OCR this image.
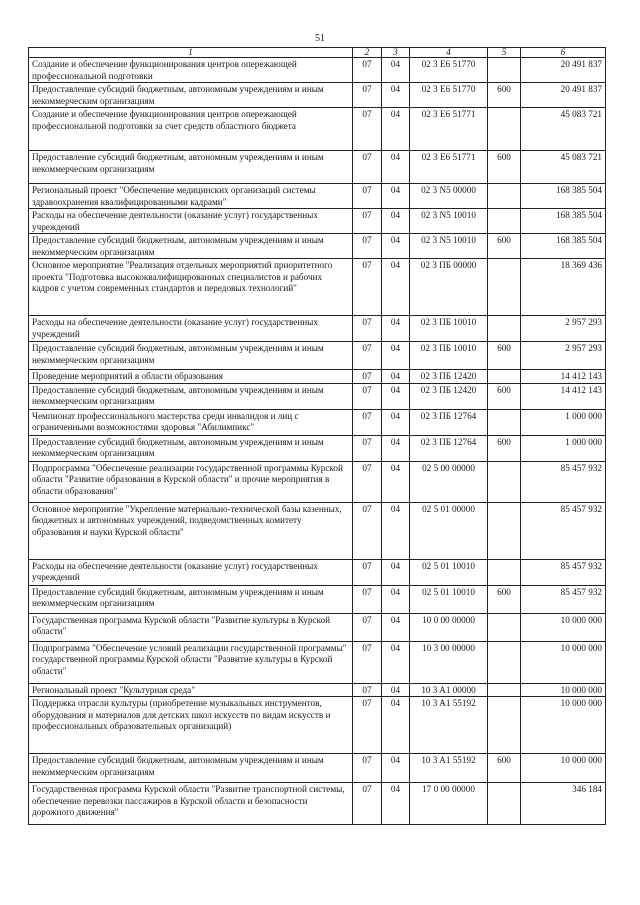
51
1	2	3	4	5	6
Создание и обеспечение функционирования центров опережающей профессиональной подготовки	07	04	02 3 E6 51770		20 491 837
Предоставление субсидий бюджетным, автономным учреждениям и иным некоммерческим организациям	07	04	02 3 E6 51770	600	20 491 837
Создание и обеспечение функционирования центров опережающей профессиональной подготовки за счет средств областного бюджета	07	04	02 3 E6 51771		45 083 721
Предоставление субсидий бюджетным, автономным учреждениям и иным некоммерческим организациям	07	04	02 3 E6 51771	600	45 083 721
Региональный проект "Обеспечение медицинских организаций системы здравоохранения квалифицированными кадрами"	07	04	02 3 N5 00000		168 385 504
Расходы на обеспечение деятельности (оказание услуг) государственных учреждений	07	04	02 3 N5 10010		168 385 504
Предоставление субсидий бюджетным, автономным учреждениям и иным некоммерческим организациям	07	04	02 3 N5 10010	600	168 385 504
Основное мероприятие "Реализация отдельных мероприятий приоритетного проекта "Подготовка высококвалифицированных специалистов и рабочих кадров с учетом современных стандартов и передовых технологий"	07	04	02 3 ПБ 00000		18 369 436
Расходы на обеспечение деятельности (оказание услуг) государственных учреждений	07	04	02 3 ПБ 10010		2 957 293
Предоставление субсидий бюджетным, автономным учреждениям и иным некоммерческим организациям	07	04	02 3 ПБ 10010	600	2 957 293
Проведение мероприятий в области образования	07	04	02 3 ПБ 12420		14 412 143
Предоставление субсидий бюджетным, автономным учреждениям и иным некоммерческим организациям	07	04	02 3 ПБ 12420	600	14 412 143
Чемпионат профессионального мастерства среди инвалидов и лиц с ограниченными возможностями здоровья "Абилимпикс"	07	04	02 3 ПБ 12764		1 000 000
Предоставление субсидий бюджетным, автономным учреждениям и иным некоммерческим организациям	07	04	02 3 ПБ 12764	600	1 000 000
Подпрограмма "Обеспечение реализации государственной программы Курской области "Развитие образования в Курской области" и прочие мероприятия в области образования"	07	04	02 5 00 00000		85 457 932
Основное мероприятие "Укрепление материально-технической базы казенных, бюджетных и автономных учреждений, подведомственных комитету образования и науки Курской области"	07	04	02 5 01 00000		85 457 932
Расходы на обеспечение деятельности (оказание услуг) государственных учреждений	07	04	02 5 01 10010		85 457 932
Предоставление субсидий бюджетным, автономным учреждениям и иным некоммерческим организациям	07	04	02 5 01 10010	600	85 457 932
Государственная программа Курской области "Развитие культуры в Курской области"	07	04	10 0 00 00000		10 000 000
Подпрограмма "Обеспечение условий реализации государственной программы" государственной программы Курской области "Развитие культуры в Курской области"	07	04	10 3 00 00000		10 000 000
Региональный проект "Культурная среда"	07	04	10 3 A1 00000		10 000 000
Поддержка отрасли культуры (приобретение музыкальных инструментов, оборудования и материалов для детских школ искусств по видам искусств и профессиональных образовательных организаций)	07	04	10 3 A1 55192		10 000 000
Предоставление субсидий бюджетным, автономным учреждениям и иным некоммерческим организациям	07	04	10 3 A1 55192	600	10 000 000
Государственная программа Курской области "Развитие транспортной системы, обеспечение перевозки пассажиров в Курской области и безопасности дорожного движения"	07	04	17 0 00 00000		346 184
